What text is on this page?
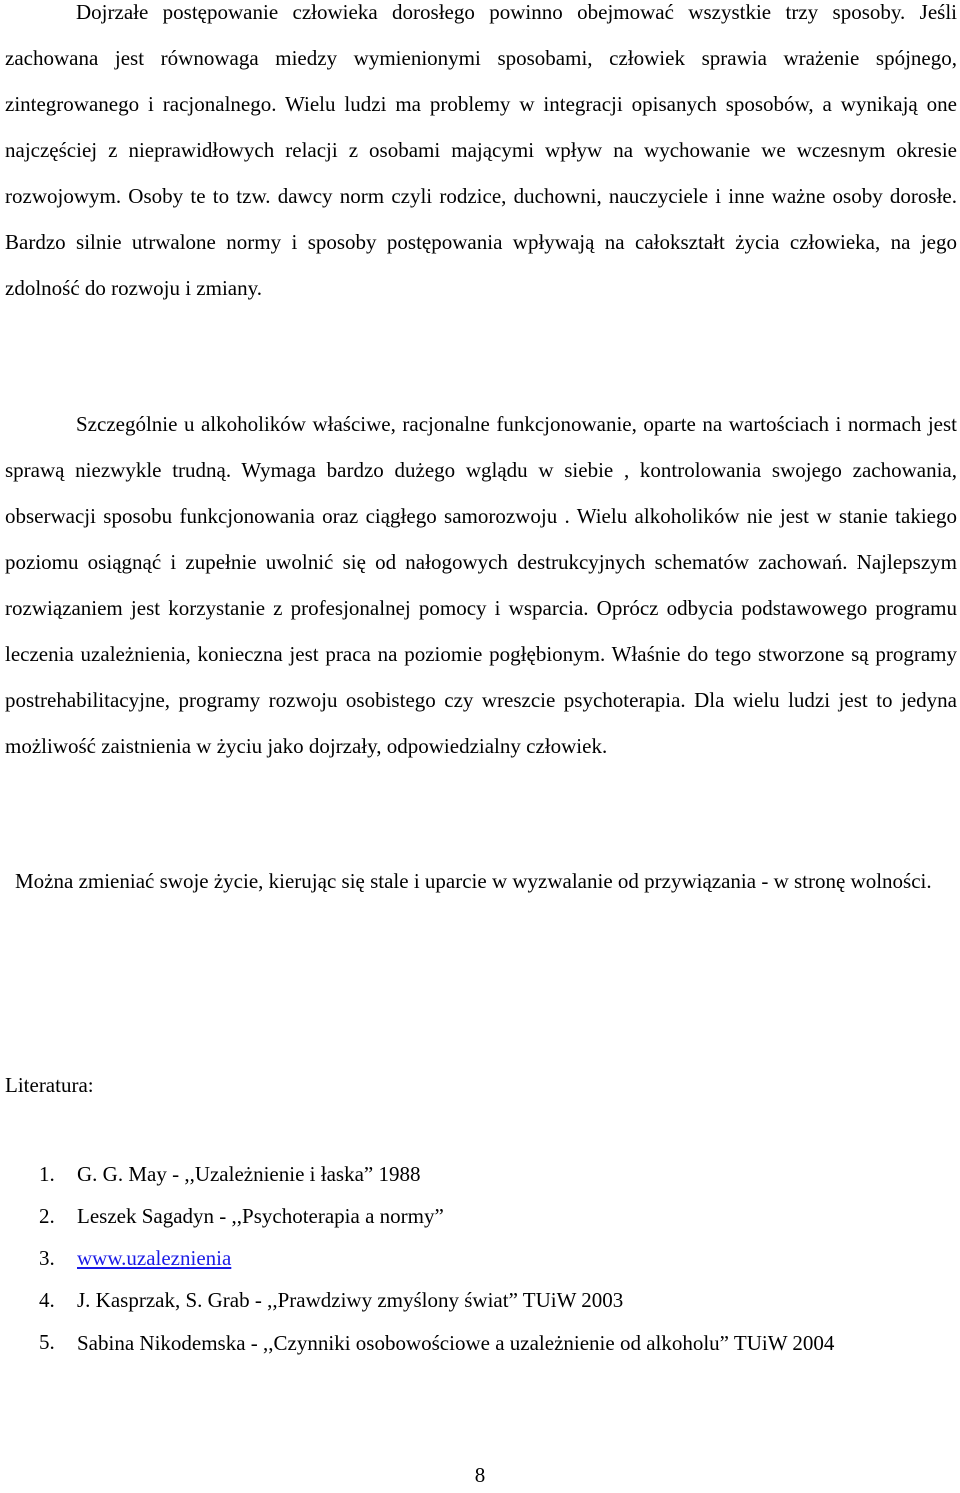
Dojrzałe postępowanie człowieka dorosłego powinno obejmować wszystkie trzy sposoby. Jeśli zachowana jest równowaga miedzy wymienionymi sposobami, człowiek sprawia wrażenie spójnego, zintegrowanego i racjonalnego. Wielu ludzi ma problemy w integracji opisanych sposobów, a wynikają one najczęściej z nieprawidłowych relacji z osobami mającymi wpływ na wychowanie we wczesnym okresie rozwojowym. Osoby te to tzw. dawcy norm czyli rodzice, duchowni, nauczyciele i inne ważne osoby dorosłe. Bardzo silnie utrwalone normy i sposoby postępowania wpływają na całokształt życia człowieka, na jego zdolność do rozwoju i zmiany.

Szczególnie u alkoholików właściwe, racjonalne funkcjonowanie, oparte na wartościach i normach jest sprawą niezwykle trudną. Wymaga bardzo dużego wglądu w siebie , kontrolowania swojego zachowania, obserwacji sposobu funkcjonowania oraz ciągłego samorozwoju . Wielu alkoholików nie jest w stanie takiego poziomu osiągnąć i zupełnie uwolnić się od nałogowych destrukcyjnych schematów zachowań. Najlepszym rozwiązaniem jest korzystanie z profesjonalnej pomocy i wsparcia. Oprócz odbycia podstawowego programu leczenia uzależnienia, konieczna jest praca na poziomie pogłębionym. Właśnie do tego stworzone są programy postrehabilitacyjne, programy rozwoju osobistego czy wreszcie psychoterapia. Dla wielu ludzi jest to jedyna możliwość zaistnienia w życiu jako dojrzały, odpowiedzialny człowiek.

Można zmieniać swoje życie, kierując się stale i uparcie w wyzwalanie od przywiązania - w stronę wolności.

Literatura:

1. G. G. May - ,,Uzależnienie i łaska” 1988
2. Leszek Sagadyn - ,,Psychoterapia a normy”
3. www.uzaleznienia
4. J. Kasprzak, S. Grab - ,,Prawdziwy zmyślony świat” TUiW 2003
5. Sabina Nikodemska - ,,Czynniki osobowościowe a uzależnienie od alkoholu” TUiW 2004

8
